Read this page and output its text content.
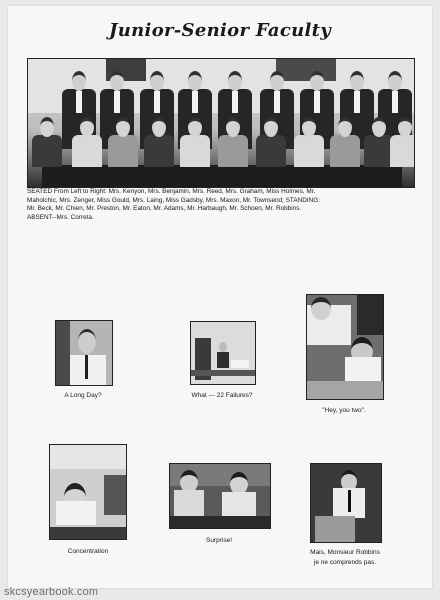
Junior-Senior Faculty
SEATED From Left to Right: Mrs. Kenyon, Mrs. Benjamin, Mrs. Reed, Mrs. Graham, Miss Holmes, Mr.
Maholchic, Mrs. Zenger, Miss Gould, Mrs. Laing, Miss Gadsby, Mrs. Maxon, Mr. Townsend; STANDING:
Mr. Beck, Mr. Chien, Mr. Preston, Mr. Eaton, Mr. Adams, Mr. Harbaugh, Mr. Schoen, Mr. Robbins.
ABSENT--Mrs. Correta.
A Long Day?	What --- 22 Failures?
"Hey, you two".
Concentration
Surprise!
Mais, Monsieur Robbins
je ne comprends pas.
skcsyearbook.com
